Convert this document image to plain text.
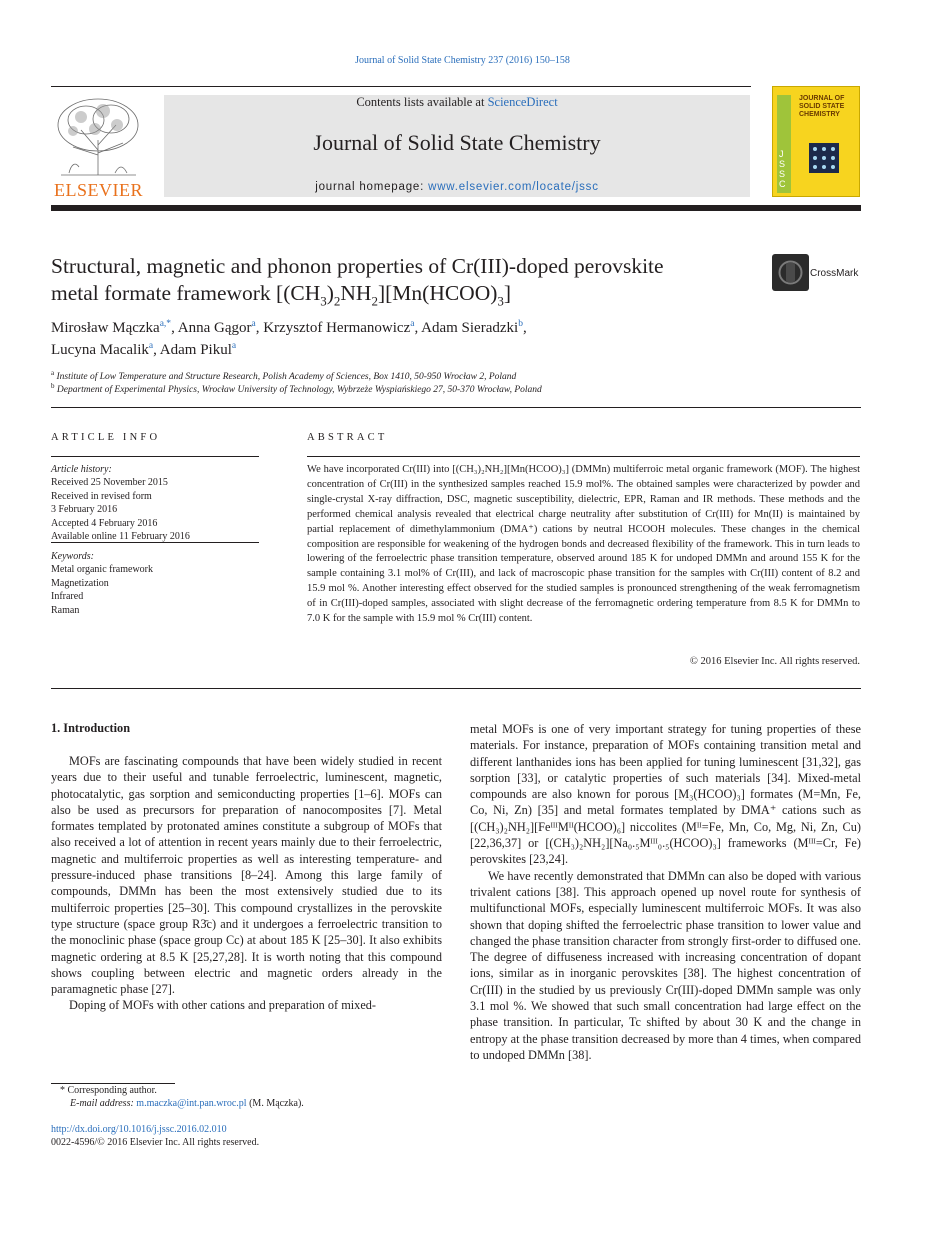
Journal of Solid State Chemistry 237 (2016) 150–158
ELSEVIER
Contents lists available at ScienceDirect
Journal of Solid State Chemistry
journal homepage: www.elsevier.com/locate/jssc
JSSC
JOURNAL OF SOLID STATE CHEMISTRY
Structural, magnetic and phonon properties of Cr(III)-doped perovskite
metal formate framework $[(CH_3)_2NH_2][Mn(HCOO)_3]$
CrossMark
Mirosław Mączka$^{a,*}$, Anna Gągor$^a$, Krzysztof Hermanowicz$^a$, Adam Sieradzki$^b$,
Lucyna Macalik$^a$, Adam Pikul$^a$
$^a$ Institute of Low Temperature and Structure Research, Polish Academy of Sciences, Box 1410, 50-950 Wrocław 2, Poland
$^b$ Department of Experimental Physics, Wrocław University of Technology, Wybrzeże Wyspiańskiego 27, 50-370 Wrocław, Poland
ARTICLE INFO
Article history:
Received 25 November 2015
Received in revised form
3 February 2016
Accepted 4 February 2016
Available online 11 February 2016
Keywords:
Metal organic framework
Magnetization
Infrared
Raman
ABSTRACT
We have incorporated Cr(III) into [(CH₃)₂NH₂][Mn(HCOO)₃] (DMMn) multiferroic metal organic framework (MOF). The highest concentration of Cr(III) in the synthesized samples reached 15.9 mol%. The obtained samples were characterized by powder and single-crystal X-ray diffraction, DSC, magnetic susceptibility, dielectric, EPR, Raman and IR methods. These methods and the performed chemical analysis revealed that electrical charge neutrality after substitution of Cr(III) for Mn(II) is maintained by partial replacement of dimethylammonium (DMA⁺) cations by neutral HCOOH molecules. These changes in the chemical composition are responsible for weakening of the hydrogen bonds and decreased flexibility of the framework. This in turn leads to lowering of the ferroelectric phase transition temperature, observed around 185 K for undoped DMMn and around 155 K for the sample containing 3.1 mol% of Cr(III), and lack of macroscopic phase transition for the samples with Cr(III) content of 8.2 and 15.9 mol %. Another interesting effect observed for the studied samples is pronounced strengthening of the weak ferromagnetism of in Cr(III)-doped samples, associated with slight decrease of the ferromagnetic ordering temperature from 8.5 K for DMMn to 7.0 K for the sample with 15.9 mol % Cr(III) content.
© 2016 Elsevier Inc. All rights reserved.
1. Introduction

MOFs are fascinating compounds that have been widely studied in recent years due to their useful and tunable ferroelectric, luminescent, magnetic, photocatalytic, gas sorption and semiconducting properties [1–6]. MOFs can also be used as precursors for preparation of nanocomposites [7]. Metal formates templated by protonated amines constitute a subgroup of MOFs that also received a lot of attention in recent years mainly due to their ferroelectric, magnetic and multiferroic properties as well as interesting temperature- and pressure-induced phase transitions [8–24]. Among this large family of compounds, DMMn has been the most extensively studied due to its multiferroic properties [25–30]. This compound crystallizes in the perovskite type structure (space group R3̄c) and it undergoes a ferroelectric transition to the monoclinic phase (space group Cc) at about 185 K [25–30]. It also exhibits magnetic ordering at 8.5 K [25,27,28]. It is worth noting that this compound shows coupling between electric and magnetic orders already in the paramagnetic phase [27].

Doping of MOFs with other cations and preparation of mixed-

metal MOFs is one of very important strategy for tuning properties of these materials. For instance, preparation of MOFs containing transition metal and different lanthanides ions has been applied for tuning luminescent [31,32], gas sorption [33], or catalytic properties of such materials [34]. Mixed-metal compounds are also known for porous [M₃(HCOO)₃] formates (M=Mn, Fe, Co, Ni, Zn) [35] and metal formates templated by DMA⁺ cations such as [(CH₃)₂NH₂][FeᴵᴵᴵMᴵᴵ(HCOO)₆] niccolites (Mᴵᴵ=Fe, Mn, Co, Mg, Ni, Zn, Cu) [22,36,37] or [(CH₃)₂NH₂][Na₀.₅Mᴵᴵᴵ₀.₅(HCOO)₃] frameworks (Mᴵᴵᴵ=Cr, Fe) perovskites [23,24].

We have recently demonstrated that DMMn can also be doped with various trivalent cations [38]. This approach opened up novel route for synthesis of multifunctional MOFs, especially luminescent multiferroic MOFs. It was also shown that doping shifted the ferroelectric phase transition to lower value and changed the phase transition character from strongly first-order to diffused one. The degree of diffuseness increased with increasing concentration of dopant ions, similar as in inorganic perovskites [38]. The highest concentration of Cr(III) in the studied by us previously Cr(III)-doped DMMn sample was only 3.1 mol %. We showed that such small concentration had large effect on the phase transition. In particular, Tc shifted by about 30 K and the change in entropy at the phase transition decreased by more than 4 times, when compared to undoped DMMn [38].

* Corresponding author.
E-mail address: m.maczka@int.pan.wroc.pl (M. Mączka).
http://dx.doi.org/10.1016/j.jssc.2016.02.010
0022-4596/© 2016 Elsevier Inc. All rights reserved.
